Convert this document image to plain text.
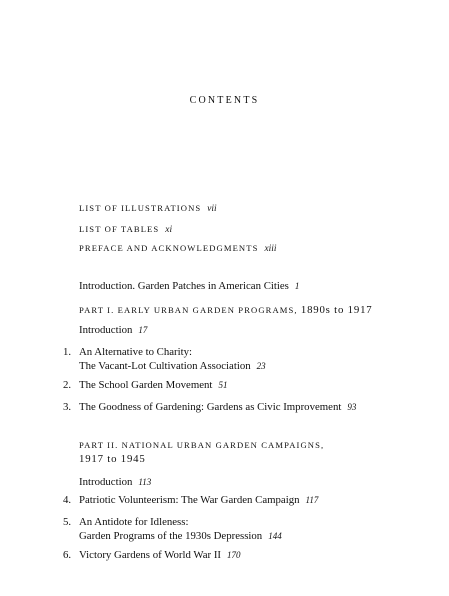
CONTENTS
LIST OF ILLUSTRATIONS vii
LIST OF TABLES xi
PREFACE AND ACKNOWLEDGMENTS xiii
Introduction. Garden Patches in American Cities 1
PART I. EARLY URBAN GARDEN PROGRAMS, 1890s to 1917
Introduction 17
1. An Alternative to Charity:
The Vacant-Lot Cultivation Association 23
2. The School Garden Movement 51
3. The Goodness of Gardening: Gardens as Civic Improvement 93
PART II. NATIONAL URBAN GARDEN CAMPAIGNS,
1917 to 1945
Introduction 113
4. Patriotic Volunteerism: The War Garden Campaign 117
5. An Antidote for Idleness:
Garden Programs of the 1930s Depression 144
6. Victory Gardens of World War II 170
